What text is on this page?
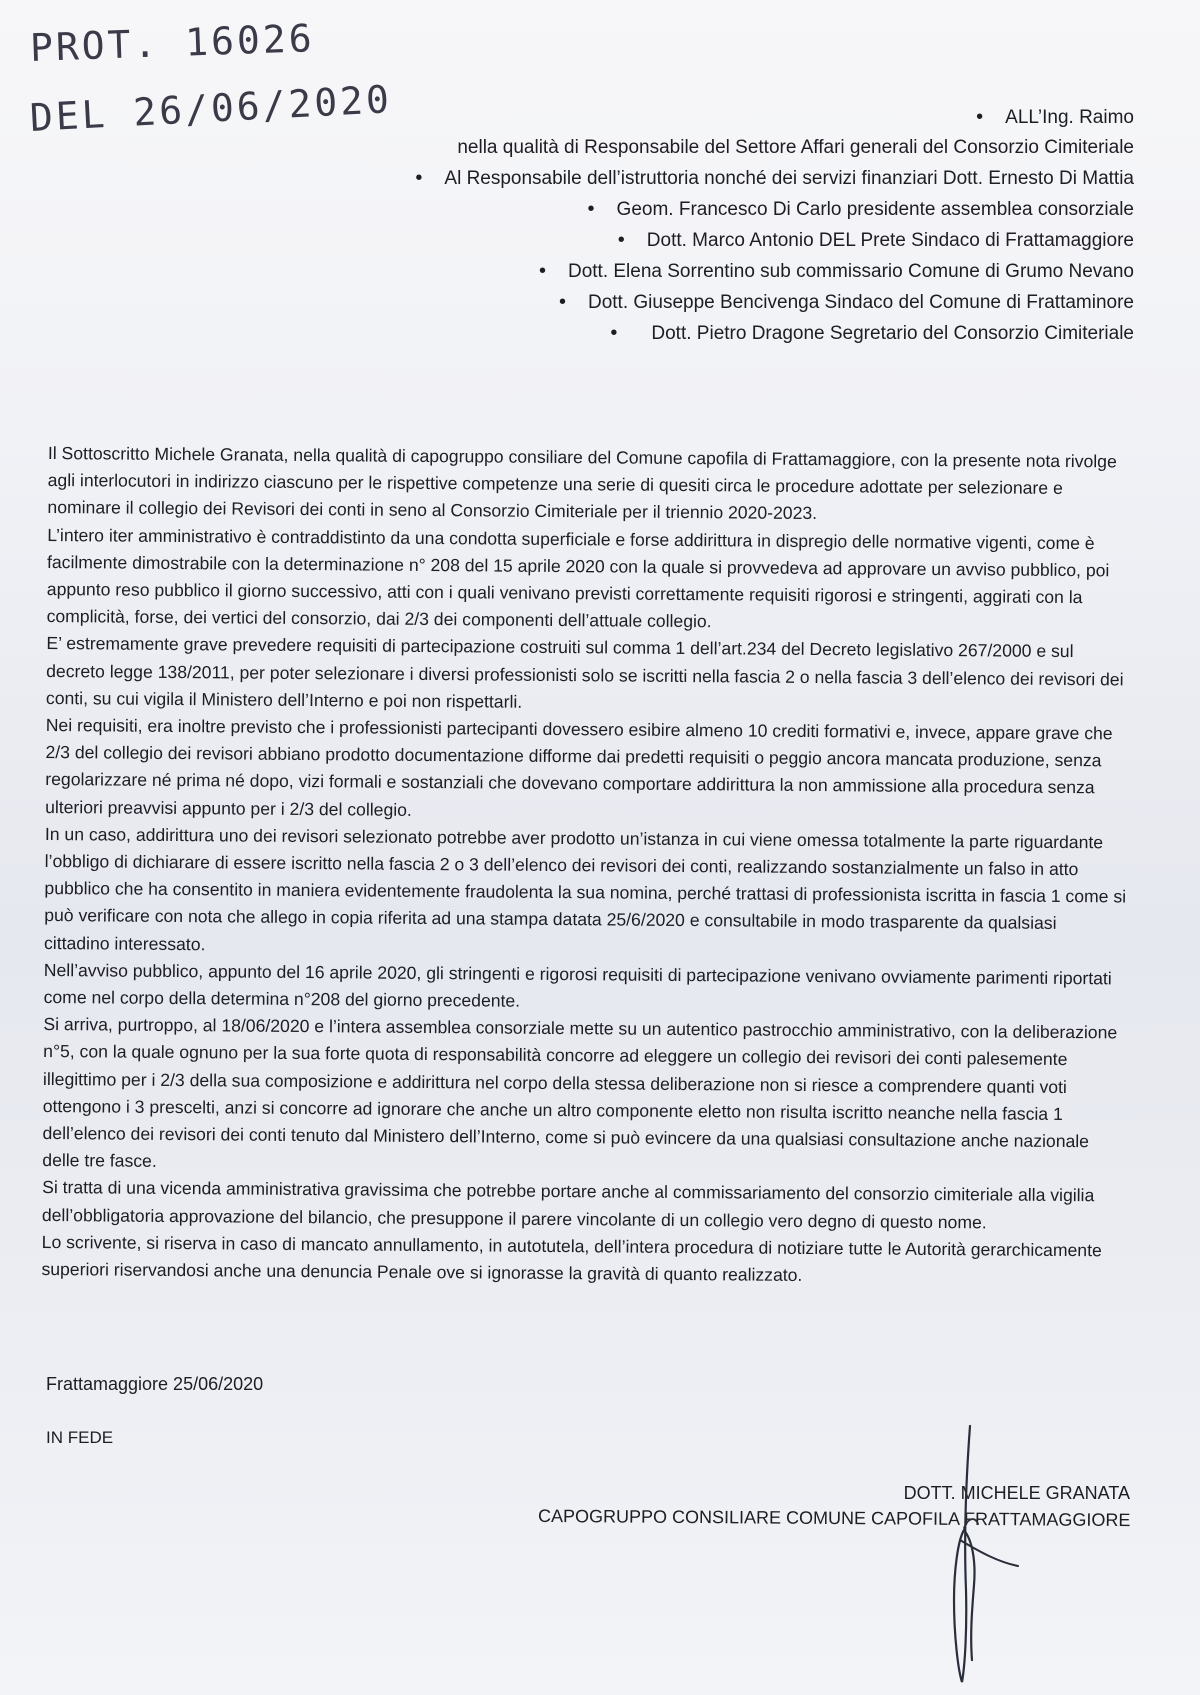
PROT. 16026
DEL 26/06/2020	• ALL’Ing. Raimo
nella qualità di Responsabile del Settore Affari generali del Consorzio Cimiteriale
• Al Responsabile dell’istruttoria nonché dei servizi finanziari Dott. Ernesto Di Mattia
• Geom. Francesco Di Carlo presidente assemblea consorziale
• Dott. Marco Antonio DEL Prete Sindaco di Frattamaggiore
• Dott. Elena Sorrentino sub commissario Comune di Grumo Nevano
• Dott. Giuseppe Bencivenga Sindaco del Comune di Frattaminore
• Dott. Pietro Dragone Segretario del Consorzio Cimiteriale

Il Sottoscritto Michele Granata, nella qualità di capogruppo consiliare del Comune capofila di Frattamaggiore, con la presente nota rivolge agli interlocutori in indirizzo ciascuno per le rispettive competenze una serie di quesiti circa le procedure adottate per selezionare e nominare il collegio dei Revisori dei conti in seno al Consorzio Cimiteriale per il triennio 2020-2023.

L’intero iter amministrativo è contraddistinto da una condotta superficiale e forse addirittura in dispregio delle normative vigenti, come è facilmente dimostrabile con la determinazione n° 208 del 15 aprile 2020 con la quale si provvedeva ad approvare un avviso pubblico, poi appunto reso pubblico il giorno successivo, atti con i quali venivano previsti correttamente requisiti rigorosi e stringenti, aggirati con la complicità, forse, dei vertici del consorzio, dai 2/3 dei componenti dell’attuale collegio.

E’ estremamente grave prevedere requisiti di partecipazione costruiti sul comma 1 dell’art.234 del Decreto legislativo 267/2000 e sul decreto legge 138/2011, per poter selezionare i diversi professionisti solo se iscritti nella fascia 2 o nella fascia 3 dell’elenco dei revisori dei conti, su cui vigila il Ministero dell’Interno e poi non rispettarli.

Nei requisiti, era inoltre previsto che i professionisti partecipanti dovessero esibire almeno 10 crediti formativi e, invece, appare grave che 2/3 del collegio dei revisori abbiano prodotto documentazione difforme dai predetti requisiti o peggio ancora mancata produzione, senza regolarizzare né prima né dopo, vizi formali e sostanziali che dovevano comportare addirittura la non ammissione alla procedura senza ulteriori preavvisi appunto per i 2/3 del collegio.

In un caso, addirittura uno dei revisori selezionato potrebbe aver prodotto un’istanza in cui viene omessa totalmente la parte riguardante l’obbligo di dichiarare di essere iscritto nella fascia 2 o 3 dell’elenco dei revisori dei conti, realizzando sostanzialmente un falso in atto pubblico che ha consentito in maniera evidentemente fraudolenta la sua nomina, perché trattasi di professionista iscritta in fascia 1 come si può verificare con nota che allego in copia riferita ad una stampa datata 25/6/2020 e consultabile in modo trasparente da qualsiasi cittadino interessato.

Nell’avviso pubblico, appunto del 16 aprile 2020, gli stringenti e rigorosi requisiti di partecipazione venivano ovviamente parimenti riportati come nel corpo della determina n°208 del giorno precedente.

Si arriva, purtroppo, al 18/06/2020 e l’intera assemblea consorziale mette su un autentico pastrocchio amministrativo, con la deliberazione n°5, con la quale ognuno per la sua forte quota di responsabilità concorre ad eleggere un collegio dei revisori dei conti palesemente illegittimo per i 2/3 della sua composizione e addirittura nel corpo della stessa deliberazione non si riesce a comprendere quanti voti ottengono i 3 prescelti, anzi si concorre ad ignorare che anche un altro componente eletto non risulta iscritto neanche nella fascia 1 dell’elenco dei revisori dei conti tenuto dal Ministero dell’Interno, come si può evincere da una qualsiasi consultazione anche nazionale delle tre fasce.

Si tratta di una vicenda amministrativa gravissima che potrebbe portare anche al commissariamento del consorzio cimiteriale alla vigilia dell’obbligatoria approvazione del bilancio, che presuppone il parere vincolante di un collegio vero degno di questo nome.

Lo scrivente, si riserva in caso di mancato annullamento, in autotutela, dell’intera procedura di notiziare tutte le Autorità gerarchicamente superiori riservandosi anche una denuncia Penale ove si ignorasse la gravità di quanto realizzato.

Frattamaggiore 25/06/2020
IN FEDE
DOTT. MICHELE GRANATA
CAPOGRUPPO CONSILIARE COMUNE CAPOFILA FRATTAMAGGIORE
